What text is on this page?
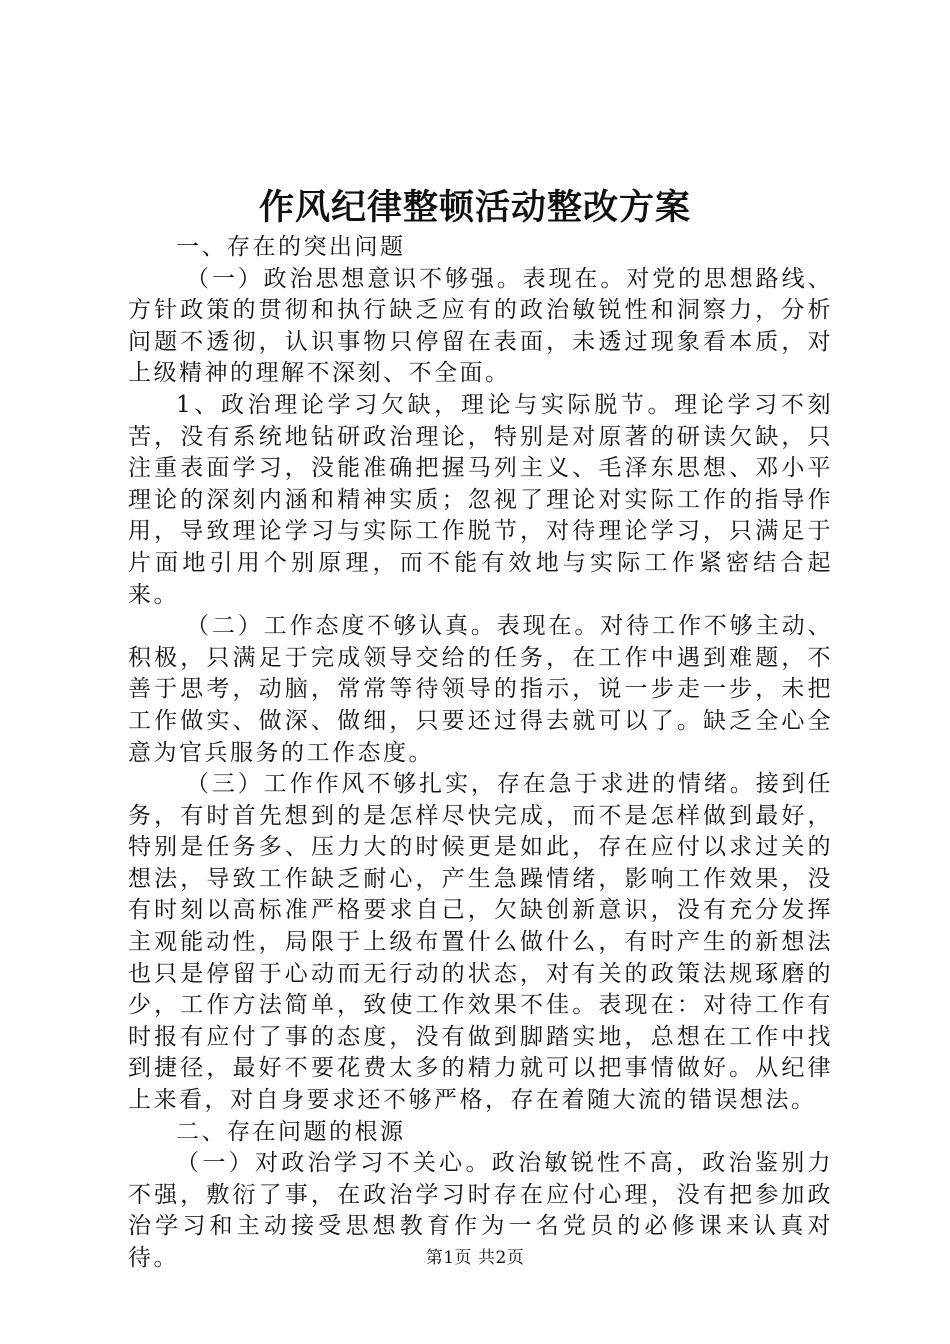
作风纪律整顿活动整改方案

一、存在的突出问题

（一）政治思想意识不够强。表现在。对党的思想路线、方针政策的贯彻和执行缺乏应有的政治敏锐性和洞察力，分析问题不透彻，认识事物只停留在表面，未透过现象看本质，对上级精神的理解不深刻、不全面。

1、政治理论学习欠缺，理论与实际脱节。理论学习不刻苦，没有系统地钻研政治理论，特别是对原著的研读欠缺，只注重表面学习，没能准确把握马列主义、毛泽东思想、邓小平理论的深刻内涵和精神实质；忽视了理论对实际工作的指导作用，导致理论学习与实际工作脱节，对待理论学习，只满足于片面地引用个别原理，而不能有效地与实际工作紧密结合起来。

（二）工作态度不够认真。表现在。对待工作不够主动、积极，只满足于完成领导交给的任务，在工作中遇到难题，不善于思考，动脑，常常等待领导的指示，说一步走一步，未把工作做实、做深、做细，只要还过得去就可以了。缺乏全心全意为官兵服务的工作态度。

（三）工作作风不够扎实，存在急于求进的情绪。接到任务，有时首先想到的是怎样尽快完成，而不是怎样做到最好，特别是任务多、压力大的时候更是如此，存在应付以求过关的想法，导致工作缺乏耐心，产生急躁情绪，影响工作效果，没有时刻以高标准严格要求自己，欠缺创新意识，没有充分发挥主观能动性，局限于上级布置什么做什么，有时产生的新想法也只是停留于心动而无行动的状态，对有关的政策法规琢磨的少，工作方法简单，致使工作效果不佳。表现在：对待工作有时报有应付了事的态度，没有做到脚踏实地，总想在工作中找到捷径，最好不要花费太多的精力就可以把事情做好。从纪律上来看，对自身要求还不够严格，存在着随大流的错误想法。

二、存在问题的根源

（一）对政治学习不关心。政治敏锐性不高，政治鉴别力不强，敷衍了事，在政治学习时存在应付心理，没有把参加政治学习和主动接受思想教育作为一名党员的必修课来认真对待。	第1页 共2页
